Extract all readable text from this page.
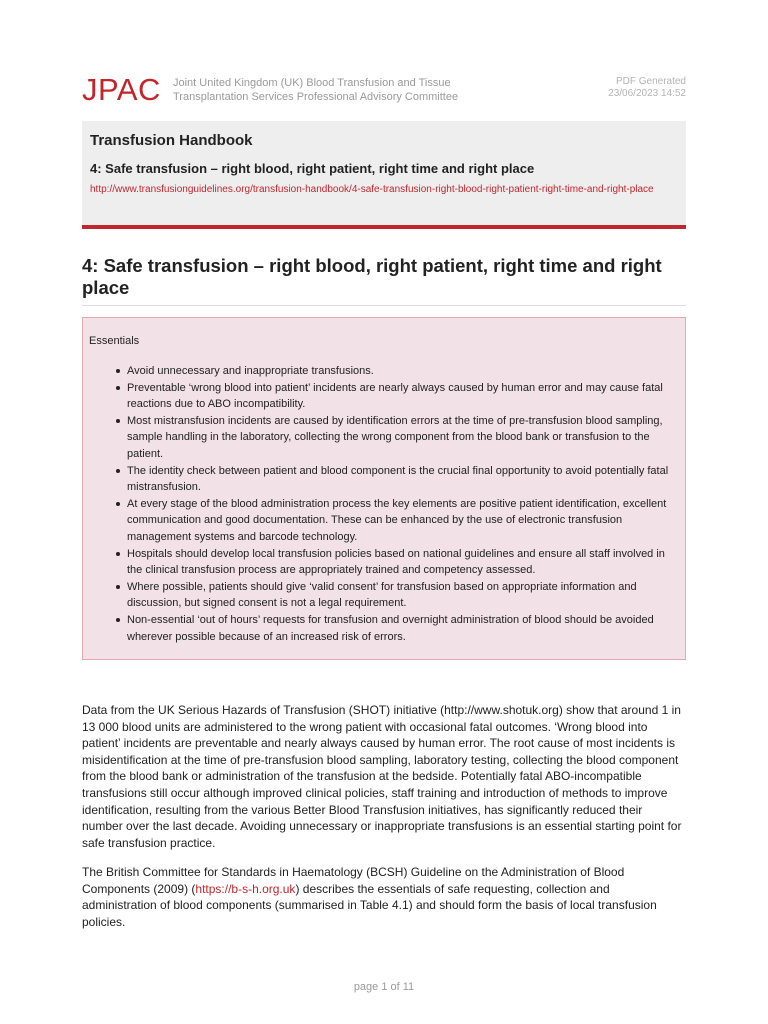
JPAC Joint United Kingdom (UK) Blood Transfusion and Tissue
Transplantation Services Professional Advisory Committee
PDF Generated
23/06/2023 14:52
Transfusion Handbook
4: Safe transfusion – right blood, right patient, right time and right place
http://www.transfusionguidelines.org/transfusion-handbook/4-safe-transfusion-right-blood-right-patient-right-time-and-right-place
4: Safe transfusion – right blood, right patient, right time and right place
Essentials
Avoid unnecessary and inappropriate transfusions.
Preventable ‘wrong blood into patient’ incidents are nearly always caused by human error and may cause fatal reactions due to ABO incompatibility.
Most mistransfusion incidents are caused by identification errors at the time of pre-transfusion blood sampling, sample handling in the laboratory, collecting the wrong component from the blood bank or transfusion to the patient.
The identity check between patient and blood component is the crucial final opportunity to avoid potentially fatal mistransfusion.
At every stage of the blood administration process the key elements are positive patient identification, excellent communication and good documentation. These can be enhanced by the use of electronic transfusion management systems and barcode technology.
Hospitals should develop local transfusion policies based on national guidelines and ensure all staff involved in the clinical transfusion process are appropriately trained and competency assessed.
Where possible, patients should give ‘valid consent’ for transfusion based on appropriate information and discussion, but signed consent is not a legal requirement.
Non-essential ‘out of hours’ requests for transfusion and overnight administration of blood should be avoided wherever possible because of an increased risk of errors.

Data from the UK Serious Hazards of Transfusion (SHOT) initiative (http://www.shotuk.org) show that around 1 in 13 000 blood units are administered to the wrong patient with occasional fatal outcomes. ‘Wrong blood into patient’ incidents are preventable and nearly always caused by human error. The root cause of most incidents is misidentification at the time of pre-transfusion blood sampling, laboratory testing, collecting the blood component from the blood bank or administration of the transfusion at the bedside. Potentially fatal ABO-incompatible transfusions still occur although improved clinical policies, staff training and introduction of methods to improve identification, resulting from the various Better Blood Transfusion initiatives, has significantly reduced their number over the last decade. Avoiding unnecessary or inappropriate transfusions is an essential starting point for safe transfusion practice.

The British Committee for Standards in Haematology (BCSH) Guideline on the Administration of Blood Components (2009) (https://b-s-h.org.uk) describes the essentials of safe requesting, collection and administration of blood components (summarised in Table 4.1) and should form the basis of local transfusion policies.

page 1 of 11
